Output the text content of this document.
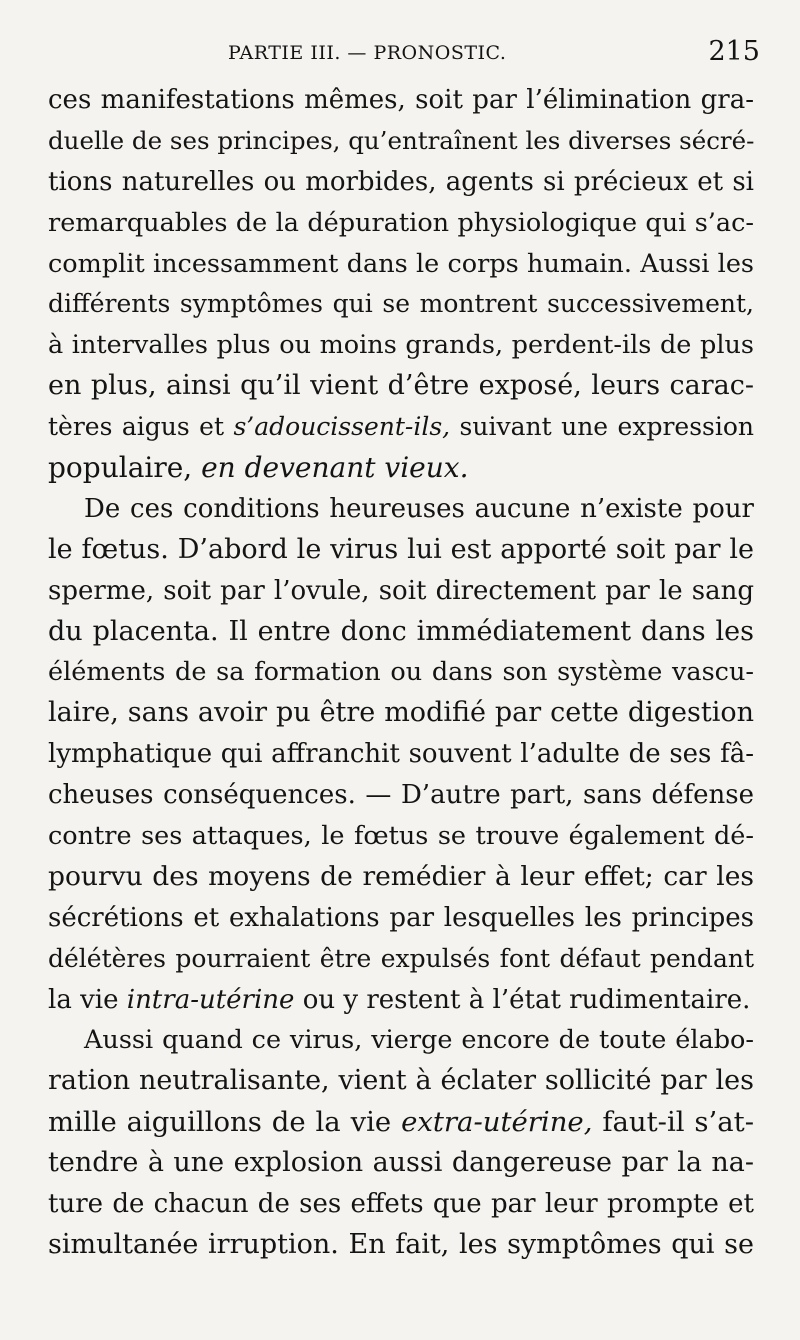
PARTIE III. — PRONOSTIC.	215
ces manifestations mêmes, soit par l’élimination gra-
duelle de ses principes, qu’entraînent les diverses sécré-
tions naturelles ou morbides, agents si précieux et si
remarquables de la dépuration physiologique qui s’ac-
complit incessamment dans le corps humain. Aussi les
différents symptômes qui se montrent successivement,
à intervalles plus ou moins grands, perdent-ils de plus
en plus, ainsi qu’il vient d’être exposé, leurs carac-
tères aigus et s’adoucissent-ils, suivant une expression
populaire, en devenant vieux.
De ces conditions heureuses aucune n’existe pour
le fœtus. D’abord le virus lui est apporté soit par le
sperme, soit par l’ovule, soit directement par le sang
du placenta. Il entre donc immédiatement dans les
éléments de sa formation ou dans son système vascu-
laire, sans avoir pu être modifié par cette digestion
lymphatique qui affranchit souvent l’adulte de ses fâ-
cheuses conséquences. — D’autre part, sans défense
contre ses attaques, le fœtus se trouve également dé-
pourvu des moyens de remédier à leur effet; car les
sécrétions et exhalations par lesquelles les principes
délétères pourraient être expulsés font défaut pendant
la vie intra-utérine ou y restent à l’état rudimentaire.
Aussi quand ce virus, vierge encore de toute élabo-
ration neutralisante, vient à éclater sollicité par les
mille aiguillons de la vie extra-utérine, faut-il s’at-
tendre à une explosion aussi dangereuse par la na-
ture de chacun de ses effets que par leur prompte et
simultanée irruption. En fait, les symptômes qui se
